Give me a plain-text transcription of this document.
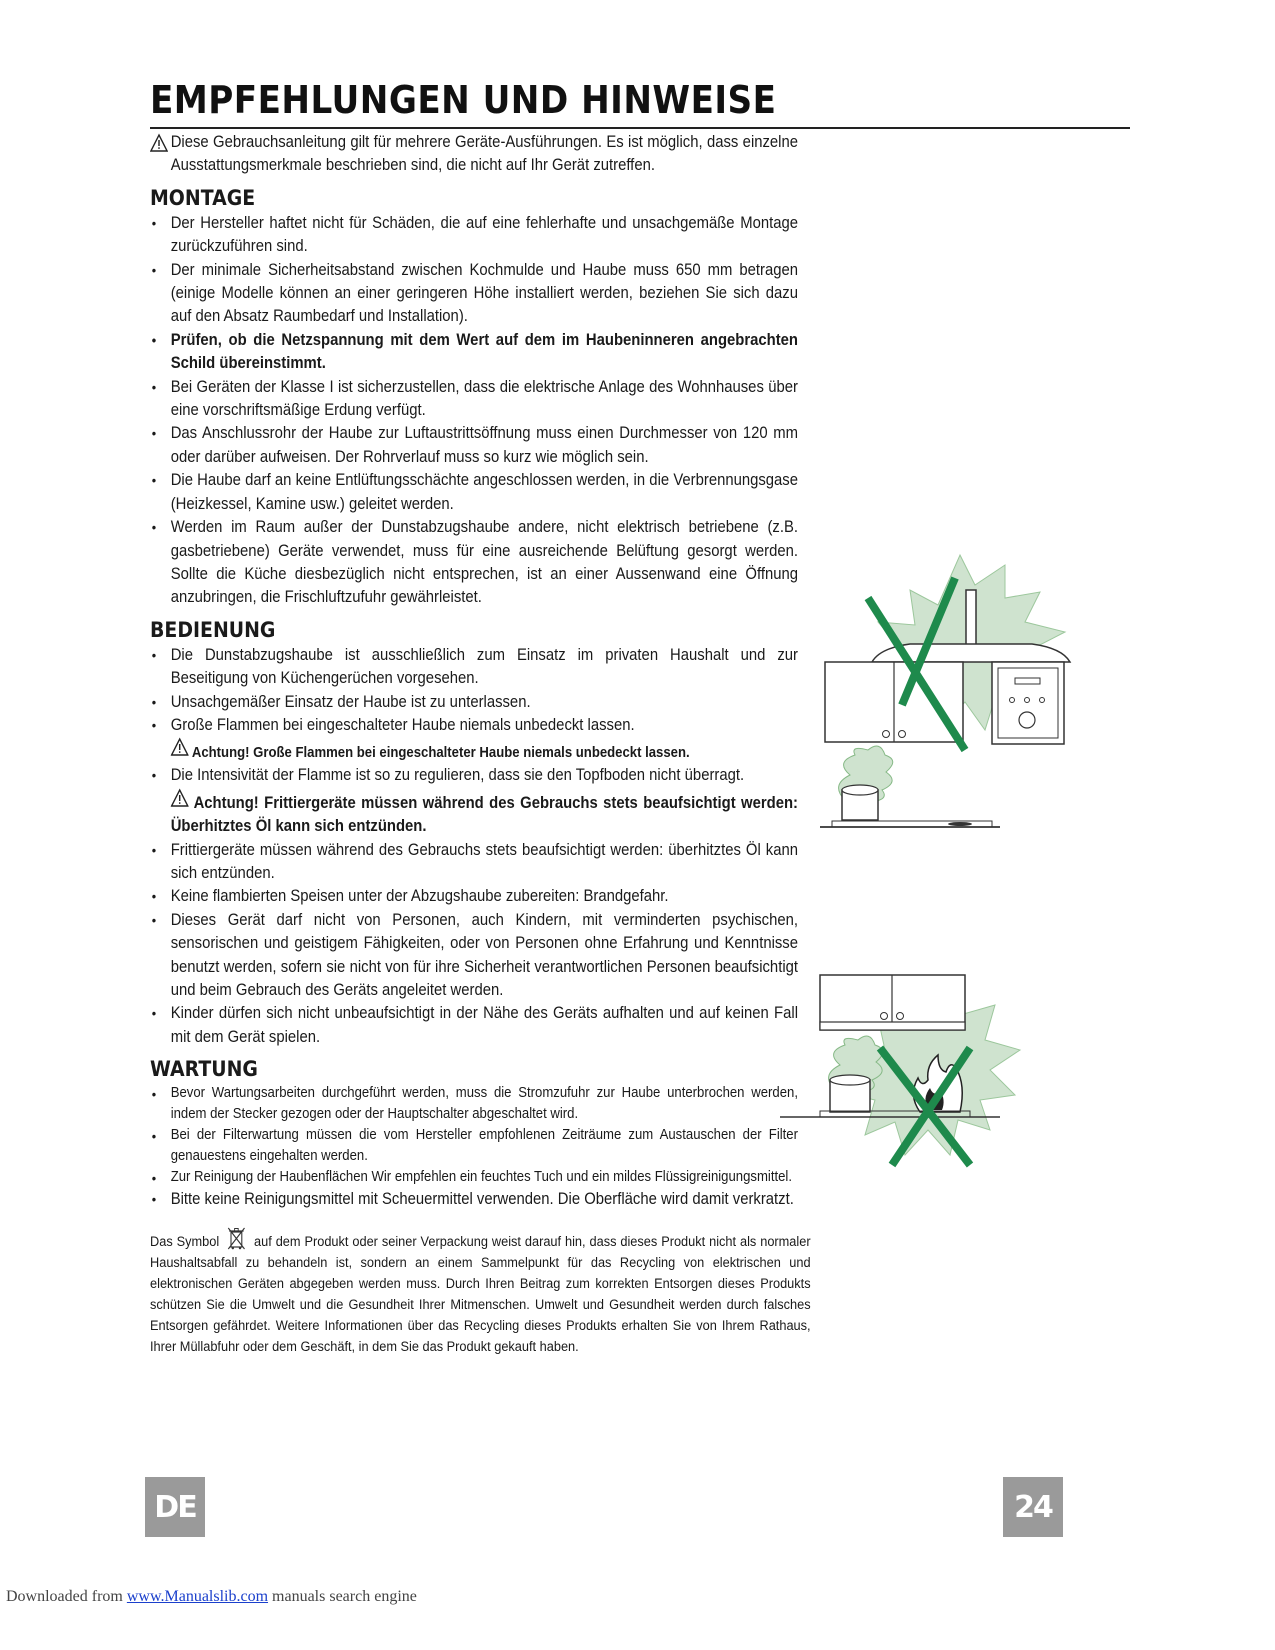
EMPFEHLUNGEN UND HINWEISE
Diese Gebrauchsanleitung gilt für mehrere Geräte-Ausführungen. Es ist möglich, dass einzelne Ausstattungsmerkmale beschrieben sind, die nicht auf Ihr Gerät zutreffen.
MONTAGE
• Der Hersteller haftet nicht für Schäden, die auf eine fehlerhafte und unsachgemäße Montage zurückzuführen sind.
• Der minimale Sicherheitsabstand zwischen Kochmulde und Haube muss 650 mm betragen (einige Modelle können an einer geringeren Höhe installiert werden, beziehen Sie sich dazu auf den Absatz Raumbedarf und Installation).
• Prüfen, ob die Netzspannung mit dem Wert auf dem im Haubeninneren angebrachten Schild übereinstimmt.
• Bei Geräten der Klasse I ist sicherzustellen, dass die elektrische Anlage des Wohnhauses über eine vorschriftsmäßige Erdung verfügt.
• Das Anschlussrohr der Haube zur Luftaustrittsöffnung muss einen Durchmesser von 120 mm oder darüber aufweisen. Der Rohrverlauf muss so kurz wie möglich sein.
• Die Haube darf an keine Entlüftungsschächte angeschlossen werden, in die Verbrennungsgase (Heizkessel, Kamine usw.) geleitet werden.
• Werden im Raum außer der Dunstabzugshaube andere, nicht elektrisch betriebene (z.B. gasbetriebene) Geräte verwendet, muss für eine ausreichende Belüftung gesorgt werden. Sollte die Küche diesbezüglich nicht entsprechen, ist an einer Aussenwand eine Öffnung anzubringen, die Frischluftzufuhr gewährleistet.
BEDIENUNG
• Die Dunstabzugshaube ist ausschließlich zum Einsatz im privaten Haushalt und zur Beseitigung von Küchengerüchen vorgesehen.
• Unsachgemäßer Einsatz der Haube ist zu unterlassen.
• Große Flammen bei eingeschalteter Haube niemals unbedeckt lassen.
Achtung! Große Flammen bei eingeschalteter Haube niemals unbedeckt lassen.
• Die Intensivität der Flamme ist so zu regulieren, dass sie den Topfboden nicht überragt.
Achtung! Frittiergeräte müssen während des Gebrauchs stets beaufsichtigt werden: Überhitztes Öl kann sich entzünden.
• Frittiergeräte müssen während des Gebrauchs stets beaufsichtigt werden: überhitztes Öl kann sich entzünden.
• Keine flambierten Speisen unter der Abzugshaube zubereiten: Brandgefahr.
• Dieses Gerät darf nicht von Personen, auch Kindern, mit verminderten psychischen, sensorischen und geistigem Fähigkeiten, oder von Personen ohne Erfahrung und Kenntnisse benutzt werden, sofern sie nicht von für ihre Sicherheit verantwortlichen Personen beaufsichtigt und beim Gebrauch des Geräts angeleitet werden.
• Kinder dürfen sich nicht unbeaufsichtigt in der Nähe des Geräts aufhalten und auf keinen Fall mit dem Gerät spielen.
WARTUNG
• Bevor Wartungsarbeiten durchgeführt werden, muss die Stromzufuhr zur Haube unterbrochen werden, indem der Stecker gezogen oder der Hauptschalter abgeschaltet wird.
• Bei der Filterwartung müssen die vom Hersteller empfohlenen Zeiträume zum Austauschen der Filter genauestens eingehalten werden.
• Zur Reinigung der Haubenflächen Wir empfehlen ein feuchtes Tuch und ein mildes Flüssigreinigungsmittel.
• Bitte keine Reinigungsmittel mit Scheuermittel verwenden. Die Oberfläche wird damit verkratzt.
Das Symbol auf dem Produkt oder seiner Verpackung weist darauf hin, dass dieses Produkt nicht als normaler Haushaltsabfall zu behandeln ist, sondern an einem Sammelpunkt für das Recycling von elektrischen und elektronischen Geräten abgegeben werden muss. Durch Ihren Beitrag zum korrekten Entsorgen dieses Produkts schützen Sie die Umwelt und die Gesundheit Ihrer Mitmenschen. Umwelt und Gesundheit werden durch falsches Entsorgen gefährdet. Weitere Informationen über das Recycling dieses Produkts erhalten Sie von Ihrem Rathaus, Ihrer Müllabfuhr oder dem Geschäft, in dem Sie das Produkt gekauft haben.
DE	24
Downloaded from www.Manualslib.com manuals search engine
